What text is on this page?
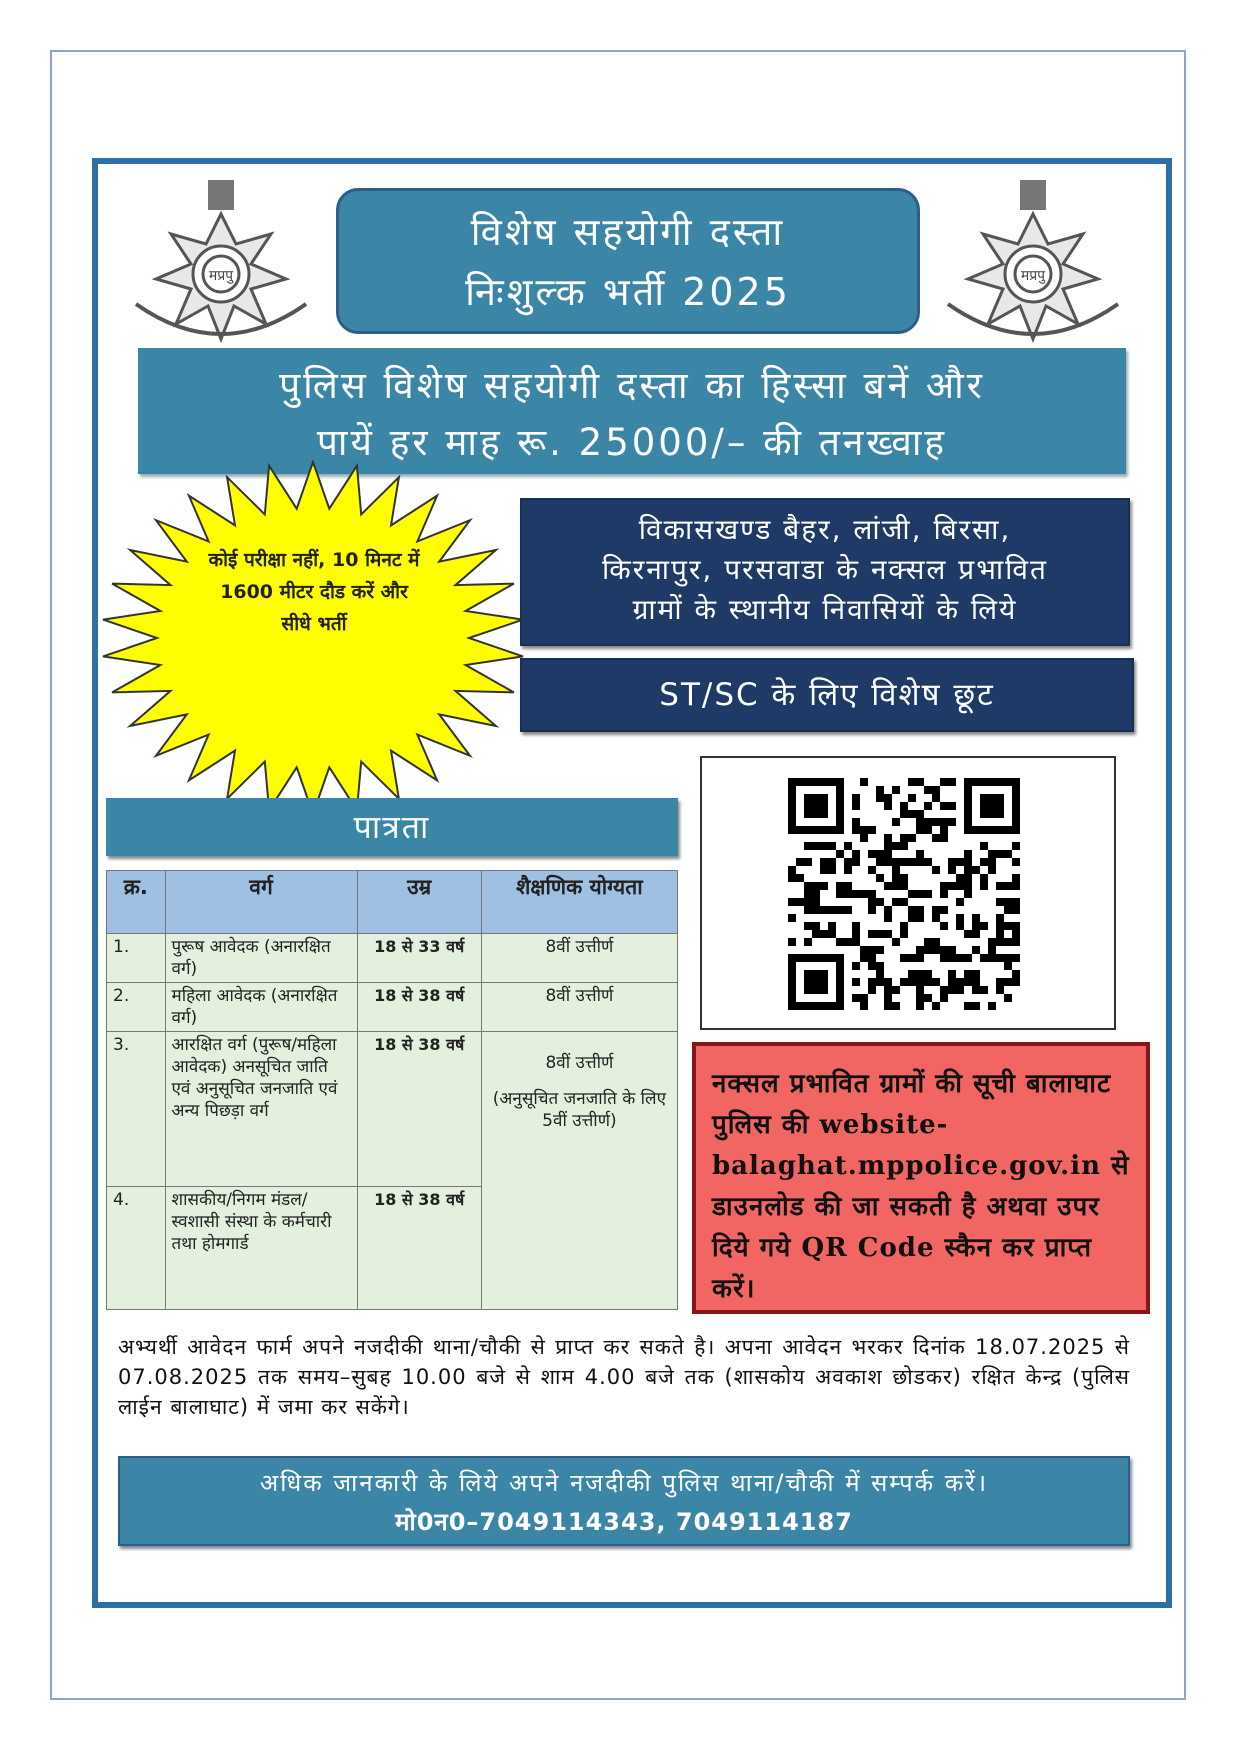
मप्रपु	मप्रपु
विशेष सहयोगी दस्ता
निःशुल्क भर्ती 2025
पुलिस विशेष सहयोगी दस्ता का हिस्सा बनें और
पायें हर माह रू. 25000/– की तनख्वाह
कोई परीक्षा नहीं, 10 मिनट में 1600 मीटर दौड करें और सीधे भर्ती
विकासखण्ड बैहर, लांजी, बिरसा,
किरनापुर, परसवाडा के नक्सल प्रभावित
ग्रामों के स्थानीय निवासियों के लिये
ST/SC के लिए विशेष छूट
पात्रता
क्र.	वर्ग	उम्र	शैक्षणिक योग्यता
1.	पुरूष आवेदक (अनारक्षित वर्ग)	18 से 33 वर्ष	8वीं उत्तीर्ण
2.	महिला आवेदक (अनारक्षित वर्ग)	18 से 38 वर्ष	8वीं उत्तीर्ण
3.	आरक्षित वर्ग (पुरूष/महिला आवेदक) अनसूचित जाति एवं अनुसूचित जनजाति एवं अन्य पिछड़ा वर्ग	18 से 38 वर्ष	8वीं उत्तीर्ण
(अनुसूचित जनजाति के लिए 5वीं उत्तीर्ण)

4.	शासकीय/निगम मंडल/ स्वशासी संस्था के कर्मचारी तथा होमगार्ड	18 से 38 वर्ष	
नक्सल प्रभावित ग्रामों की सूची बालाघाट पुलिस की website-balaghat.mppolice.gov.in से डाउनलोड की जा सकती है अथवा उपर दिये गये QR Code स्कैन कर प्राप्त करें।
अभ्यर्थी आवेदन फार्म अपने नजदीकी थाना/चौकी से प्राप्त कर सकते है। अपना आवेदन भरकर दिनांक 18.07.2025 से 07.08.2025 तक समय–सुबह 10.00 बजे से शाम 4.00 बजे तक (शासकोय अवकाश छोडकर) रक्षित केन्द्र (पुलिस लाईन बालाघाट) में जमा कर सकेंगे।
अधिक जानकारी के लिये अपने नजदीकी पुलिस थाना/चौकी में सम्पर्क करें।
मो0न0–7049114343, 7049114187
